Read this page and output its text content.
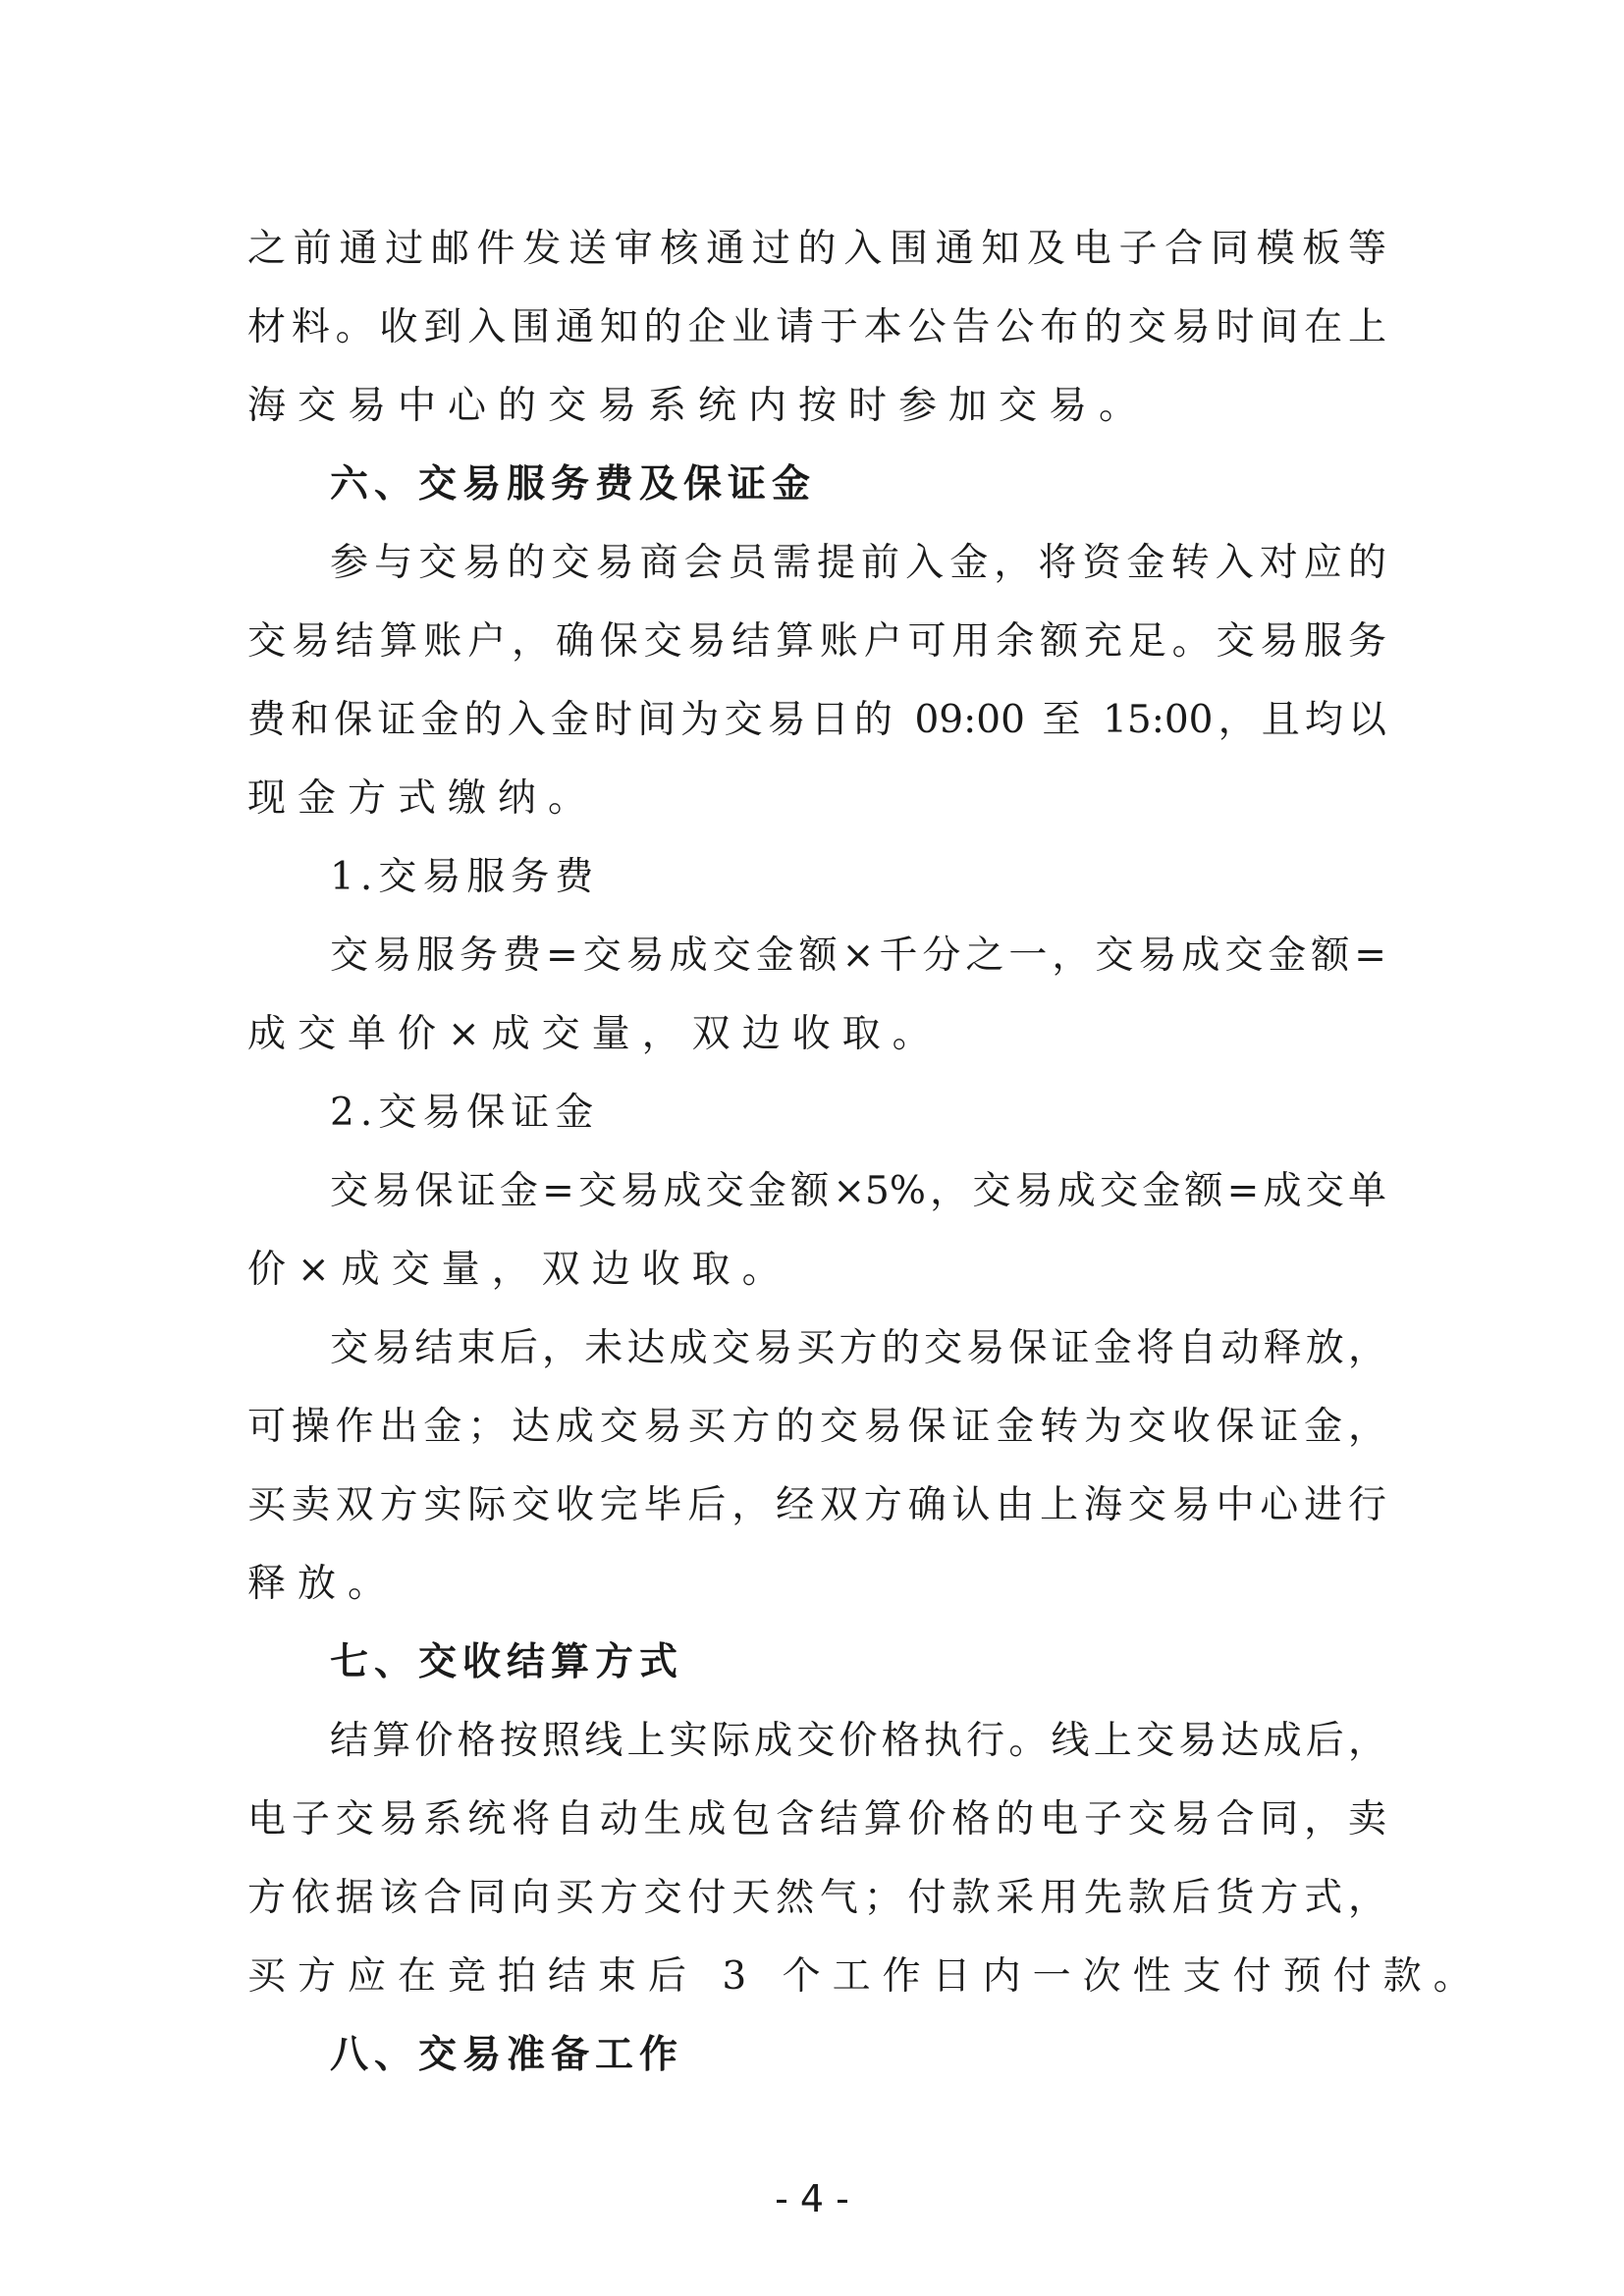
之前通过邮件发送审核通过的入围通知及电子合同模板等

材料。收到入围通知的企业请于本公告公布的交易时间在上

海交易中心的交易系统内按时参加交易。

六、交易服务费及保证金

参与交易的交易商会员需提前入金，将资金转入对应的

交易结算账户，确保交易结算账户可用余额充足。交易服务

费和保证金的入金时间为交易日的 09:00 至 15:00，且均以

现金方式缴纳。

1.交易服务费

交易服务费=交易成交金额×千分之一，交易成交金额=

成交单价×成交量，双边收取。

2.交易保证金

交易保证金=交易成交金额×5%，交易成交金额=成交单

价×成交量，双边收取。

交易结束后，未达成交易买方的交易保证金将自动释放，

可操作出金；达成交易买方的交易保证金转为交收保证金，

买卖双方实际交收完毕后，经双方确认由上海交易中心进行

释放。

七、交收结算方式

结算价格按照线上实际成交价格执行。线上交易达成后，

电子交易系统将自动生成包含结算价格的电子交易合同，卖

方依据该合同向买方交付天然气；付款采用先款后货方式，

买方应在竞拍结束后 3 个工作日内一次性支付预付款。

八、交易准备工作

- 4 -
